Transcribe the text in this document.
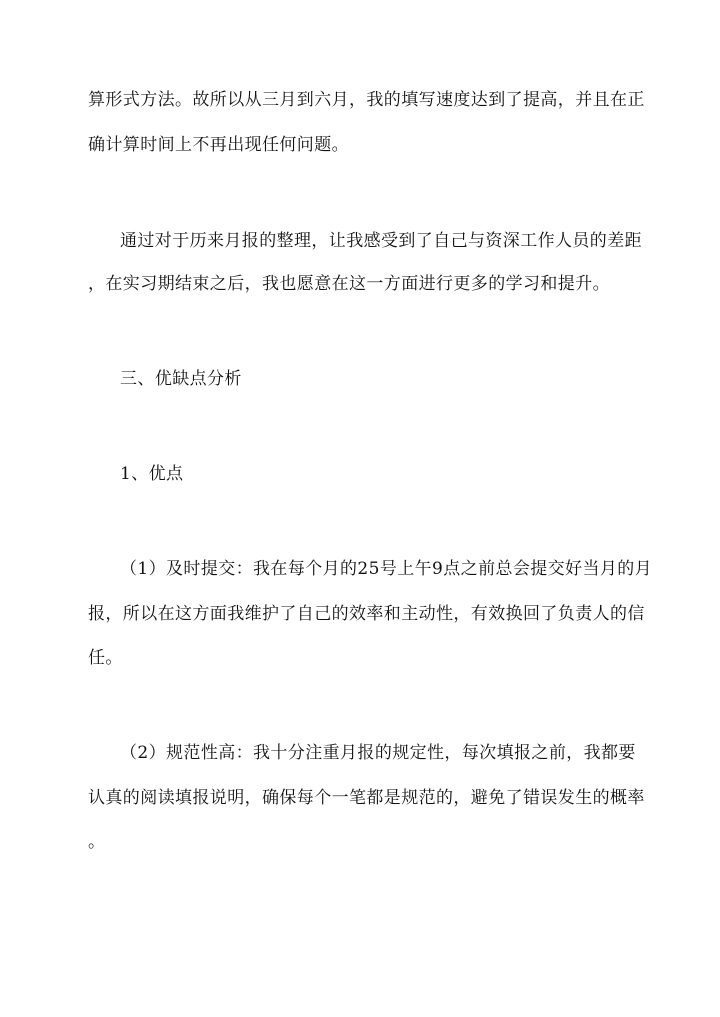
算形式方法。故所以从三月到六月，我的填写速度达到了提高，并且在正
确计算时间上不再出现任何问题。
通过对于历来月报的整理，让我感受到了自己与资深工作人员的差距
，在实习期结束之后，我也愿意在这一方面进行更多的学习和提升。
三、优缺点分析
1、优点
（1）及时提交：我在每个月的25号上午9点之前总会提交好当月的月
报，所以在这方面我维护了自己的效率和主动性，有效换回了负责人的信
任。
（2）规范性高：我十分注重月报的规定性，每次填报之前，我都要
认真的阅读填报说明，确保每个一笔都是规范的，避免了错误发生的概率
。
